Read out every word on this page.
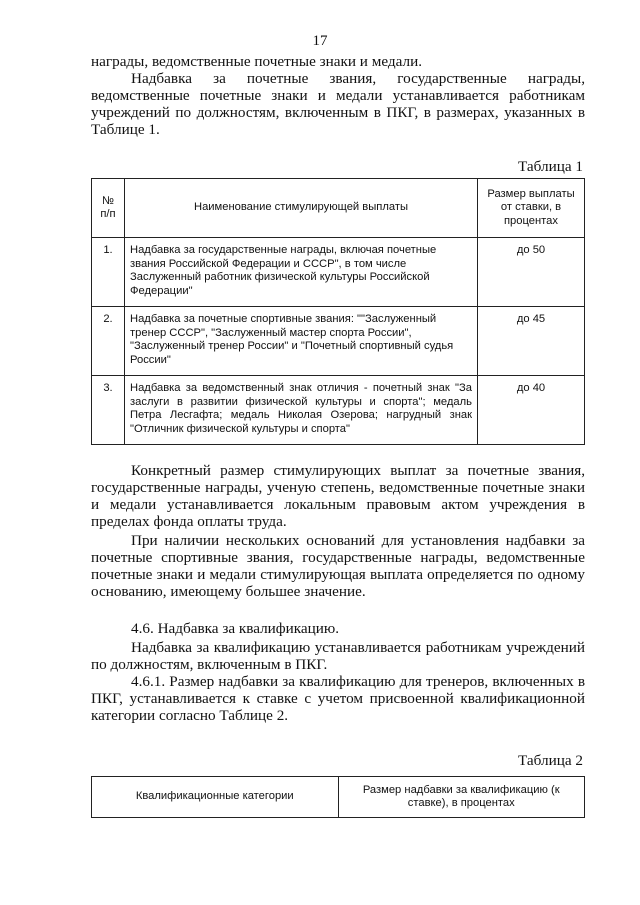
17

награды, ведомственные почетные знаки и медали.

Надбавка за почетные звания, государственные награды, ведомственные почетные знаки и медали устанавливается работникам учреждений по должностям, включенным в ПКГ, в размерах, указанных в Таблице 1.

Таблица 1
№ п/п	Наименование стимулирующей выплаты	Размер выплаты от ставки, в процентах
1.	Надбавка за государственные награды, включая почетные звания Российской Федерации и СССР", в том числе Заслуженный работник физической культуры Российской Федерации"	до 50
2.	Надбавка за почетные спортивные звания: ""Заслуженный тренер СССР", "Заслуженный мастер спорта России", "Заслуженный тренер России" и "Почетный спортивный судья России"	до 45
3.	Надбавка за ведомственный знак отличия - почетный знак "За заслуги в развитии физической культуры и спорта"; медаль Петра Лесгафта; медаль Николая Озерова; нагрудный знак "Отличник физической культуры и спорта"	до 40

Конкретный размер стимулирующих выплат за почетные звания, государственные награды, ученую степень, ведомственные почетные знаки и медали устанавливается локальным правовым актом учреждения в пределах фонда оплаты труда.

При наличии нескольких оснований для установления надбавки за почетные спортивные звания, государственные награды, ведомственные почетные знаки и медали стимулирующая выплата определяется по одному основанию, имеющему большее значение.

4.6. Надбавка за квалификацию.

Надбавка за квалификацию устанавливается работникам учреждений по должностям, включенным в ПКГ.

4.6.1. Размер надбавки за квалификацию для тренеров, включенных в ПКГ, устанавливается к ставке с учетом присвоенной квалификационной категории согласно Таблице 2.

Таблица 2
Квалификационные категории	Размер надбавки за квалификацию (к ставке), в процентах
